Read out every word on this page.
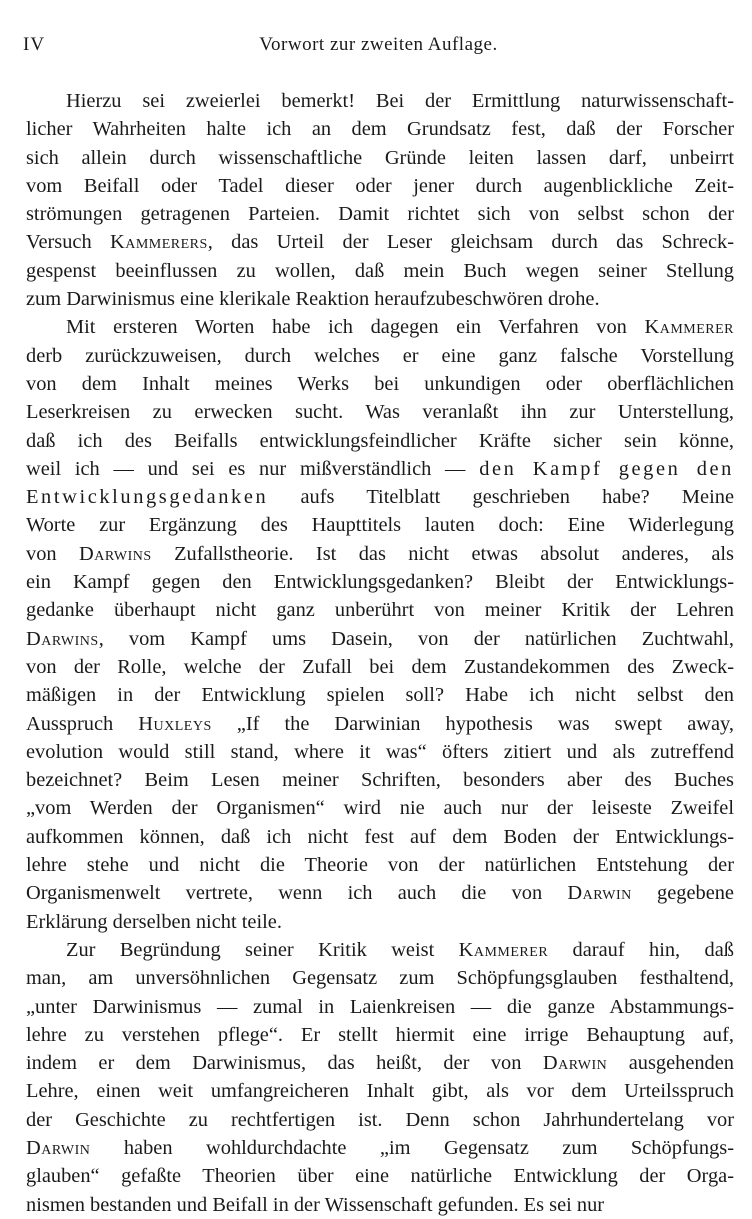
IV	Vorwort zur zweiten Auflage.
Hierzu sei zweierlei bemerkt! Bei der Ermittlung naturwissenschaft-
licher Wahrheiten halte ich an dem Grundsatz fest, daß der Forscher
sich allein durch wissenschaftliche Gründe leiten lassen darf, unbeirrt
vom Beifall oder Tadel dieser oder jener durch augenblickliche Zeit-
strömungen getragenen Parteien. Damit richtet sich von selbst schon der
Versuch Kammerers, das Urteil der Leser gleichsam durch das Schreck-
gespenst beeinflussen zu wollen, daß mein Buch wegen seiner Stellung
zum Darwinismus eine klerikale Reaktion heraufzubeschwören drohe.
Mit ersteren Worten habe ich dagegen ein Verfahren von Kammerer
derb zurückzuweisen, durch welches er eine ganz falsche Vorstellung
von dem Inhalt meines Werks bei unkundigen oder oberflächlichen
Leserkreisen zu erwecken sucht. Was veranlaßt ihn zur Unterstellung,
daß ich des Beifalls entwicklungsfeindlicher Kräfte sicher sein könne,
weil ich — und sei es nur mißverständlich — den Kampf gegen den
Entwicklungsgedanken aufs Titelblatt geschrieben habe? Meine
Worte zur Ergänzung des Haupttitels lauten doch: Eine Widerlegung
von Darwins Zufallstheorie. Ist das nicht etwas absolut anderes, als
ein Kampf gegen den Entwicklungsgedanken? Bleibt der Entwicklungs-
gedanke überhaupt nicht ganz unberührt von meiner Kritik der Lehren
Darwins, vom Kampf ums Dasein, von der natürlichen Zuchtwahl,
von der Rolle, welche der Zufall bei dem Zustandekommen des Zweck-
mäßigen in der Entwicklung spielen soll? Habe ich nicht selbst den
Ausspruch Huxleys „If the Darwinian hypothesis was swept away,
evolution would still stand, where it was“ öfters zitiert und als zutreffend
bezeichnet? Beim Lesen meiner Schriften, besonders aber des Buches
„vom Werden der Organismen“ wird nie auch nur der leiseste Zweifel
aufkommen können, daß ich nicht fest auf dem Boden der Entwicklungs-
lehre stehe und nicht die Theorie von der natürlichen Entstehung der
Organismenwelt vertrete, wenn ich auch die von Darwin gegebene
Erklärung derselben nicht teile.
Zur Begründung seiner Kritik weist Kammerer darauf hin, daß
man, am unversöhnlichen Gegensatz zum Schöpfungsglauben festhaltend,
„unter Darwinismus — zumal in Laienkreisen — die ganze Abstammungs-
lehre zu verstehen pflege“. Er stellt hiermit eine irrige Behauptung auf,
indem er dem Darwinismus, das heißt, der von Darwin ausgehenden
Lehre, einen weit umfangreicheren Inhalt gibt, als vor dem Urteilsspruch
der Geschichte zu rechtfertigen ist. Denn schon Jahrhundertelang vor
Darwin haben wohldurchdachte „im Gegensatz zum Schöpfungs-
glauben“ gefaßte Theorien über eine natürliche Entwicklung der Orga-
nismen bestanden und Beifall in der Wissenschaft gefunden. Es sei nur
